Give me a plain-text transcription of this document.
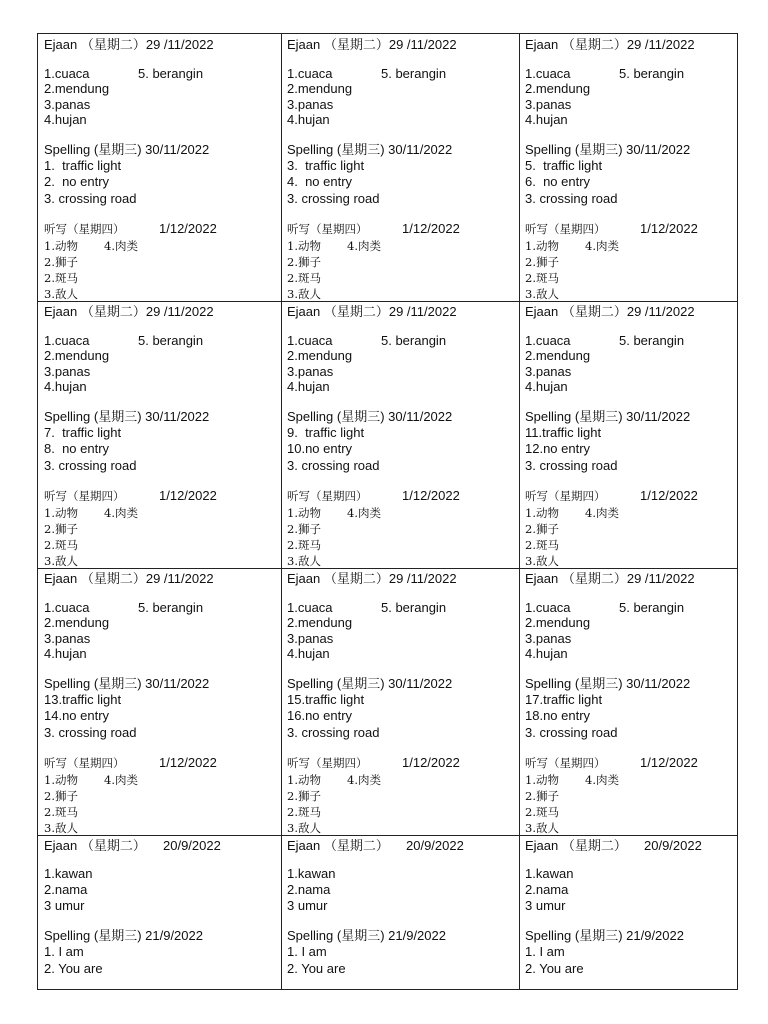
Ejaan （星期二）29 /11/2022
1.cuaca	5. berangin
2.mendung
3.panas
4.hujan
Spelling (星期三) 30/11/2022
1.  traffic light
2.  no entry
3. crossing road
听写（星期四）	1/12/2022
1.动物 4.肉类
2.狮子
2.斑马
3.敌人
Ejaan （星期二）29 /11/2022
1.cuaca	5. berangin
2.mendung
3.panas
4.hujan
Spelling (星期三) 30/11/2022
3.  traffic light
4.  no entry
3. crossing road
听写（星期四）	1/12/2022
1.动物 4.肉类
2.狮子
2.斑马
3.敌人
Ejaan （星期二）29 /11/2022
1.cuaca	5. berangin
2.mendung
3.panas
4.hujan
Spelling (星期三) 30/11/2022
5.  traffic light
6.  no entry
3. crossing road
听写（星期四）	1/12/2022
1.动物 4.肉类
2.狮子
2.斑马
3.敌人
Ejaan （星期二）29 /11/2022
1.cuaca	5. berangin
2.mendung
3.panas
4.hujan
Spelling (星期三) 30/11/2022
7.  traffic light
8.  no entry
3. crossing road
听写（星期四）	1/12/2022
1.动物 4.肉类
2.狮子
2.斑马
3.敌人
Ejaan （星期二）29 /11/2022
1.cuaca	5. berangin
2.mendung
3.panas
4.hujan
Spelling (星期三) 30/11/2022
9.  traffic light
10.no entry
3. crossing road
听写（星期四）	1/12/2022
1.动物 4.肉类
2.狮子
2.斑马
3.敌人
Ejaan （星期二）29 /11/2022
1.cuaca	5. berangin
2.mendung
3.panas
4.hujan
Spelling (星期三) 30/11/2022
11.traffic light
12.no entry
3. crossing road
听写（星期四）	1/12/2022
1.动物 4.肉类
2.狮子
2.斑马
3.敌人
Ejaan （星期二）29 /11/2022
1.cuaca	5. berangin
2.mendung
3.panas
4.hujan
Spelling (星期三) 30/11/2022
13.traffic light
14.no entry
3. crossing road
听写（星期四）	1/12/2022
1.动物 4.肉类
2.狮子
2.斑马
3.敌人
Ejaan （星期二）29 /11/2022
1.cuaca	5. berangin
2.mendung
3.panas
4.hujan
Spelling (星期三) 30/11/2022
15.traffic light
16.no entry
3. crossing road
听写（星期四）	1/12/2022
1.动物 4.肉类
2.狮子
2.斑马
3.敌人
Ejaan （星期二）29 /11/2022
1.cuaca	5. berangin
2.mendung
3.panas
4.hujan
Spelling (星期三) 30/11/2022
17.traffic light
18.no entry
3. crossing road
听写（星期四）	1/12/2022
1.动物 4.肉类
2.狮子
2.斑马
3.敌人
Ejaan （星期二） 20/9/2022
1.kawan
2.nama
3 umur
Spelling (星期三) 21/9/2022
1. I am
2. You are
Ejaan （星期二） 20/9/2022
1.kawan
2.nama
3 umur
Spelling (星期三) 21/9/2022
1. I am
2. You are
Ejaan （星期二） 20/9/2022
1.kawan
2.nama
3 umur
Spelling (星期三) 21/9/2022
1. I am
2. You are
